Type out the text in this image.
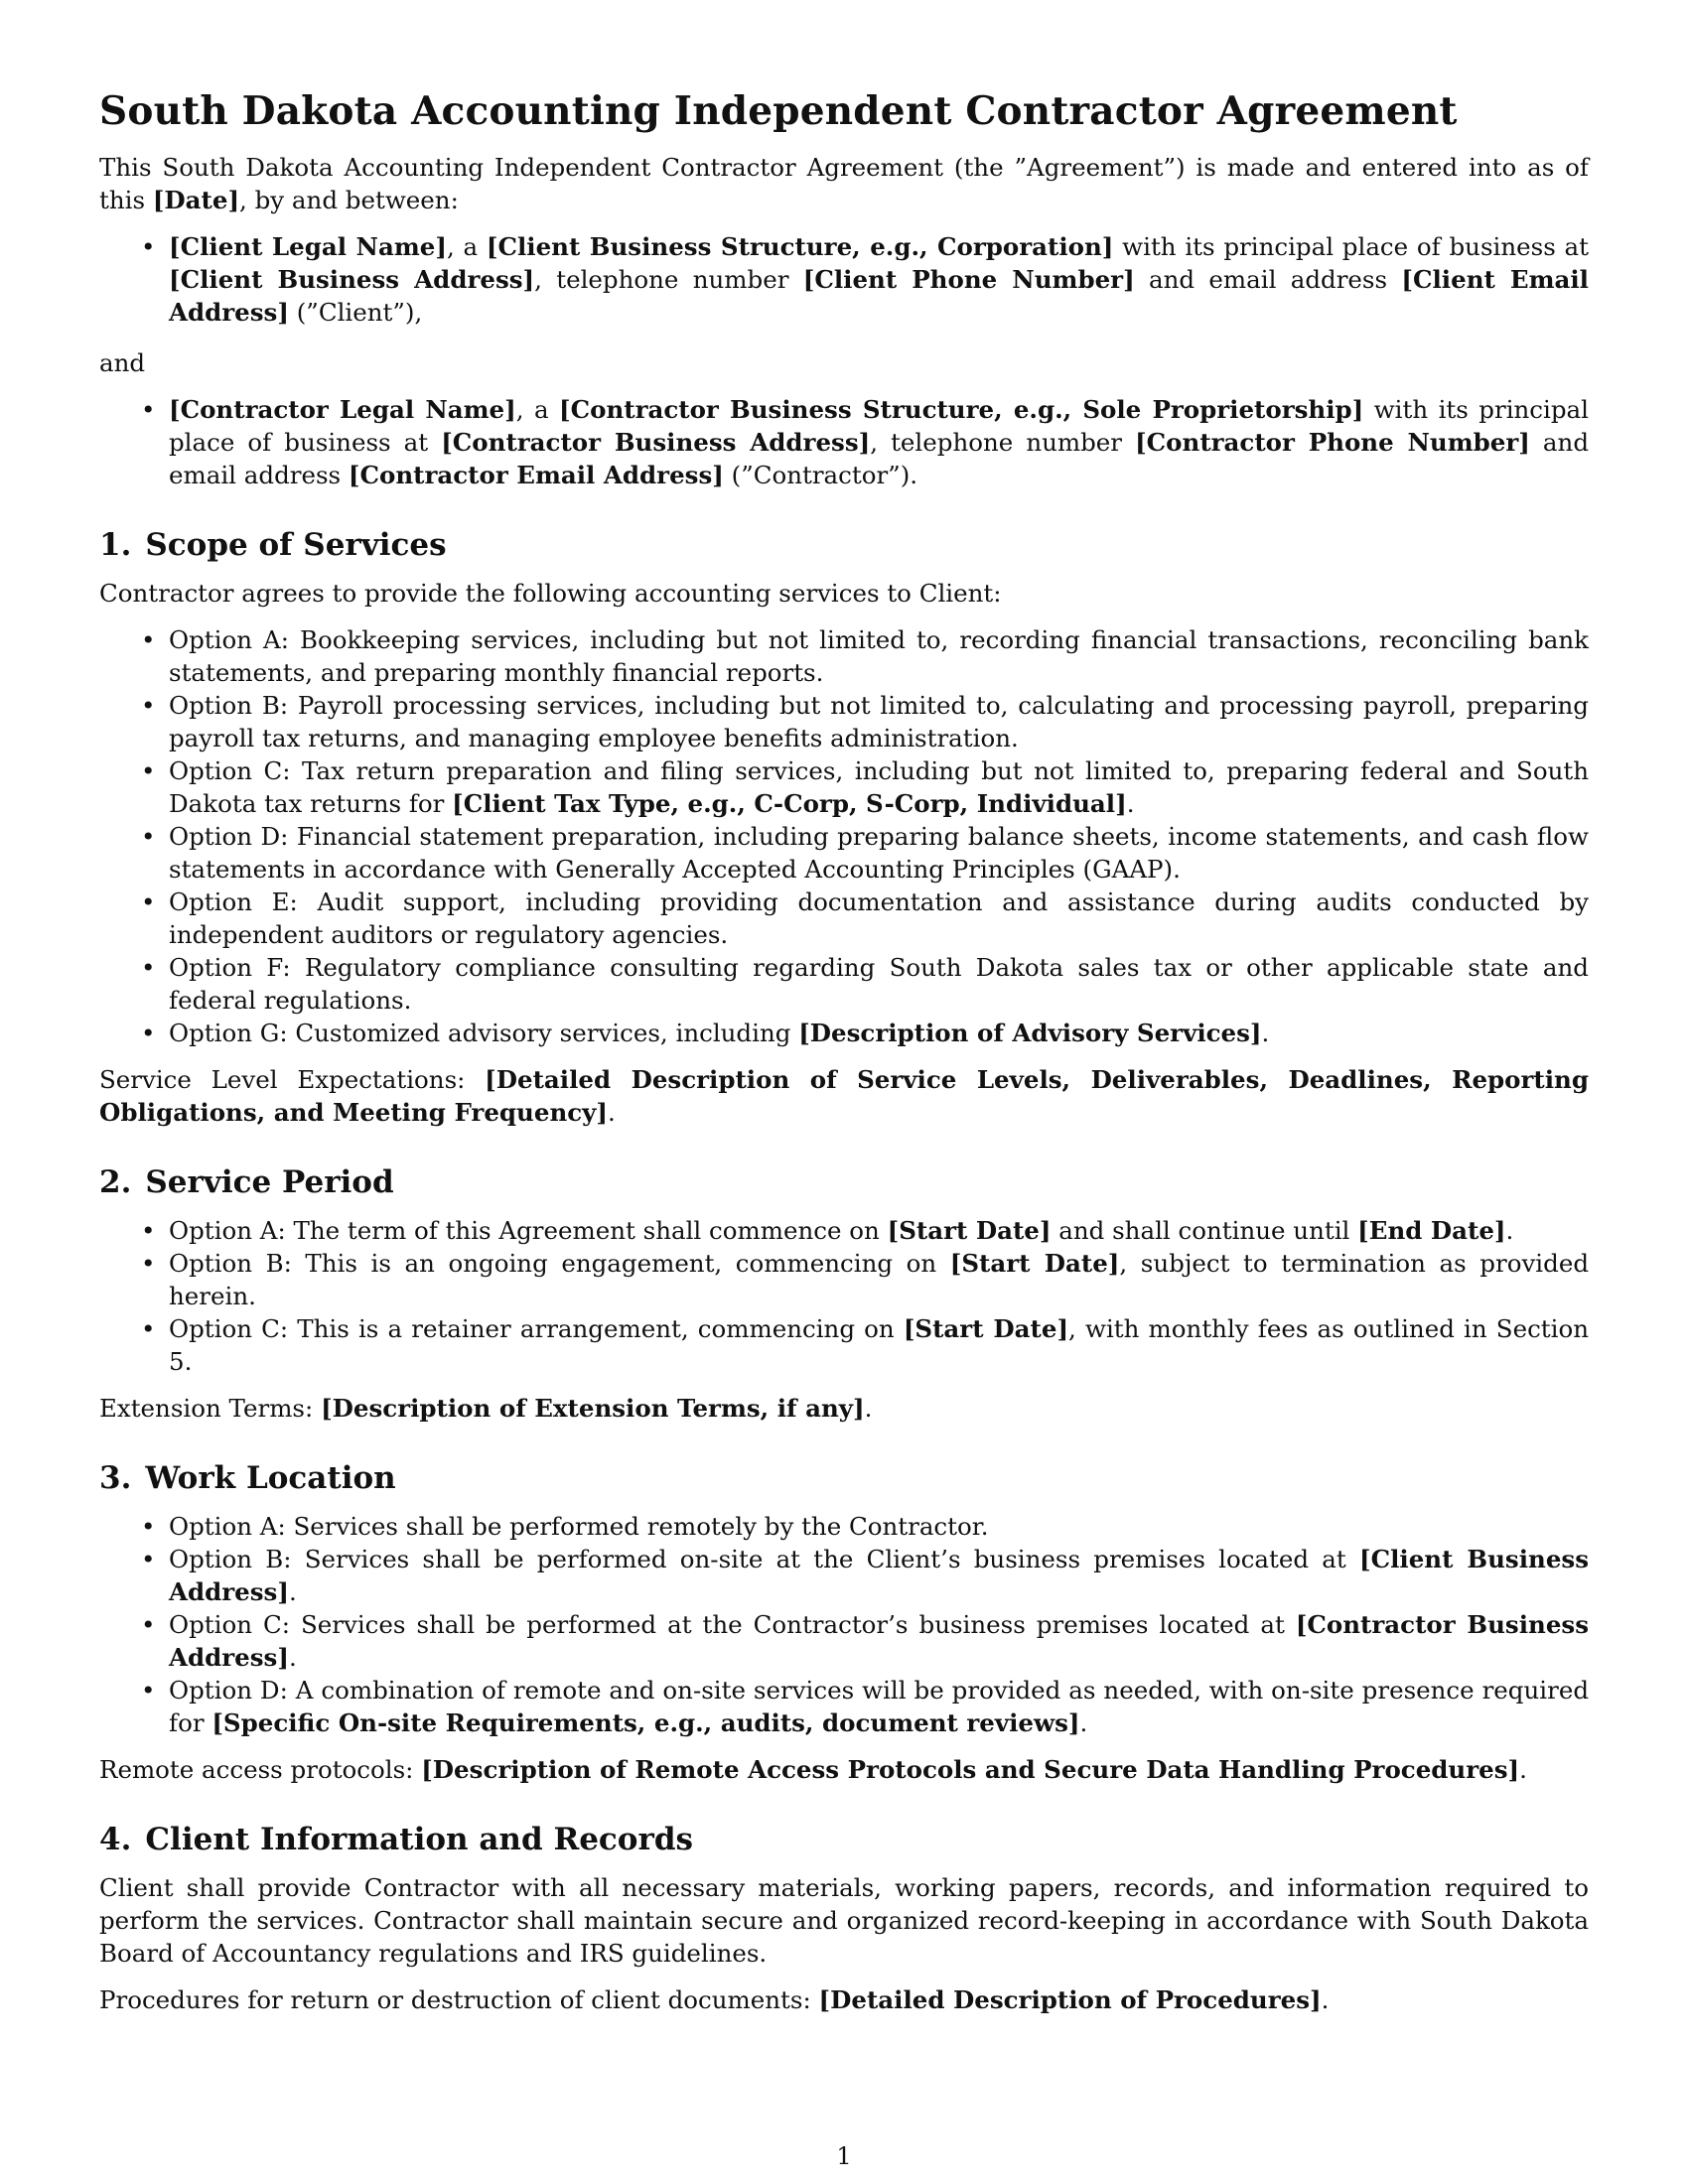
South Dakota Accounting Independent Contractor Agreement

This South Dakota Accounting Independent Contractor Agreement (the ”Agreement”) is made and entered into as of this [Date], by and between:

• [Client Legal Name], a [Client Business Structure, e.g., Corporation] with its principal place of business at [Client Business Address], telephone number [Client Phone Number] and email address [Client Email Address] (”Client”),

and

• [Contractor Legal Name], a [Contractor Business Structure, e.g., Sole Proprietorship] with its principal place of business at [Contractor Business Address], telephone number [Contractor Phone Number] and email address [Contractor Email Address] (”Contractor”).
1. Scope of Services

Contractor agrees to provide the following accounting services to Client:

• Option A: Bookkeeping services, including but not limited to, recording financial transactions, reconciling bank statements, and preparing monthly financial reports.
• Option B: Payroll processing services, including but not limited to, calculating and processing payroll, preparing payroll tax returns, and managing employee benefits administration.
• Option C: Tax return preparation and filing services, including but not limited to, preparing federal and South Dakota tax returns for [Client Tax Type, e.g., C-Corp, S-Corp, Individual].
• Option D: Financial statement preparation, including preparing balance sheets, income statements, and cash flow statements in accordance with Generally Accepted Accounting Principles (GAAP).
• Option E: Audit support, including providing documentation and assistance during audits conducted by independent auditors or regulatory agencies.
• Option F: Regulatory compliance consulting regarding South Dakota sales tax or other applicable state and federal regulations.
• Option G: Customized advisory services, including [Description of Advisory Services].

Service Level Expectations: [Detailed Description of Service Levels, Deliverables, Deadlines, Reporting Obligations, and Meeting Frequency].

2. Service Period
• Option A: The term of this Agreement shall commence on [Start Date] and shall continue until [End Date].
• Option B: This is an ongoing engagement, commencing on [Start Date], subject to termination as provided herein.
• Option C: This is a retainer arrangement, commencing on [Start Date], with monthly fees as outlined in Section 5.

Extension Terms: [Description of Extension Terms, if any].

3. Work Location
• Option A: Services shall be performed remotely by the Contractor.
• Option B: Services shall be performed on-site at the Client’s business premises located at [Client Business Address].
• Option C: Services shall be performed at the Contractor’s business premises located at [Contractor Business Address].
• Option D: A combination of remote and on-site services will be provided as needed, with on-site presence required for [Specific On-site Requirements, e.g., audits, document reviews].

Remote access protocols: [Description of Remote Access Protocols and Secure Data Handling Procedures].

4. Client Information and Records

Client shall provide Contractor with all necessary materials, working papers, records, and information required to perform the services. Contractor shall maintain secure and organized record-keeping in accordance with South Dakota Board of Accountancy regulations and IRS guidelines.

Procedures for return or destruction of client documents: [Detailed Description of Procedures].

1
